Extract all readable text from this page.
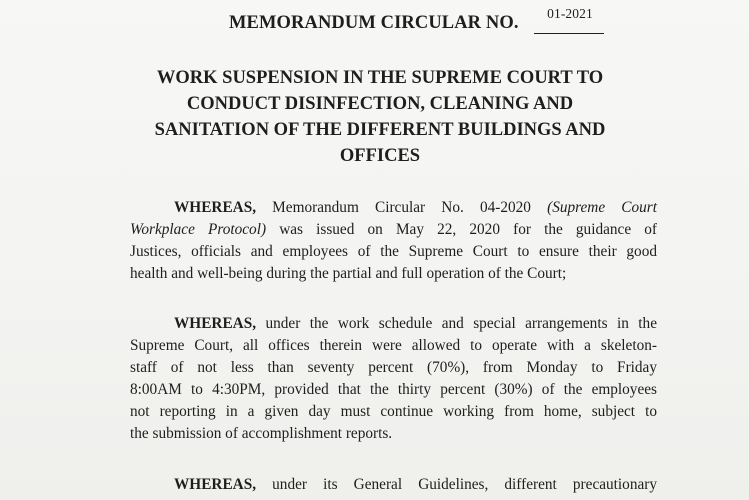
MEMORANDUM CIRCULAR NO.	01-2021
WORK SUSPENSION IN THE SUPREME COURT TO
CONDUCT DISINFECTION, CLEANING AND
SANITATION OF THE DIFFERENT BUILDINGS AND
OFFICES
WHEREAS, Memorandum Circular No. 04-2020 (Supreme Court
Workplace Protocol) was issued on May 22, 2020 for the guidance of
Justices, officials and employees of the Supreme Court to ensure their good
health and well-being during the partial and full operation of the Court;
WHEREAS, under the work schedule and special arrangements in the
Supreme Court, all offices therein were allowed to operate with a skeleton-
staff of not less than seventy percent (70%), from Monday to Friday
8:00AM to 4:30PM, provided that the thirty percent (30%) of the employees
not reporting in a given day must continue working from home, subject to
the submission of accomplishment reports.
WHEREAS, under its General Guidelines, different precautionary
